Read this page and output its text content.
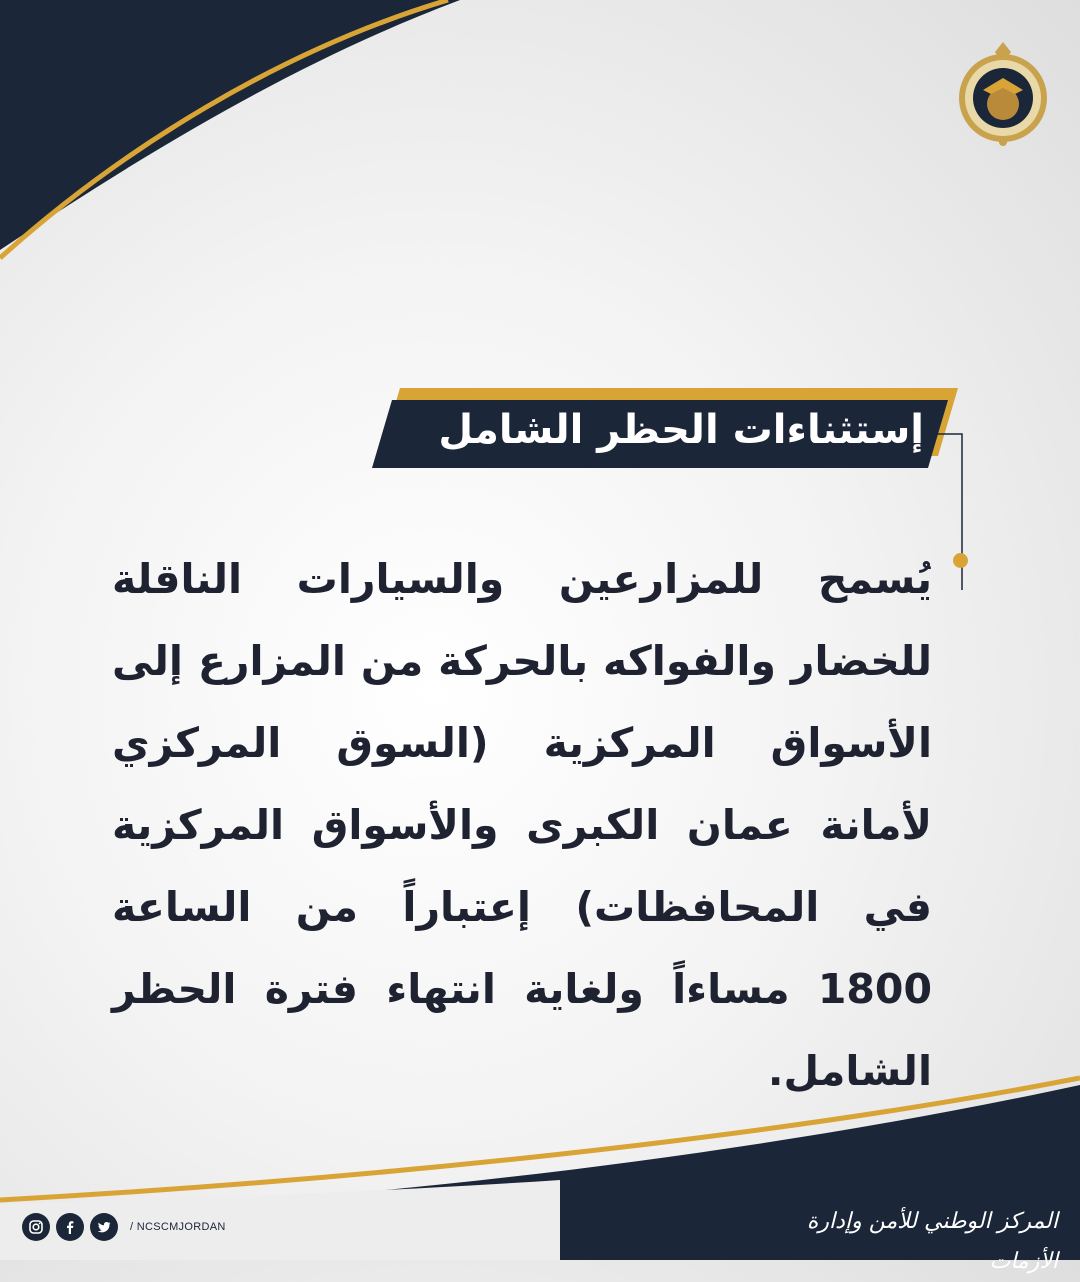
إستثناءات الحظر الشامل
يُسمح للمزارعين والسيارات الناقلة للخضار والفواكه بالحركة من المزارع إلى الأسواق المركزية (السوق المركزي لأمانة عمان الكبرى والأسواق المركزية في المحافظات) إعتباراً من الساعة 1800 مساءاً ولغاية انتهاء فترة الحظر الشامل.
/ NCSCMJORDAN	المركز الوطني للأمن وإدارة الأزمات
